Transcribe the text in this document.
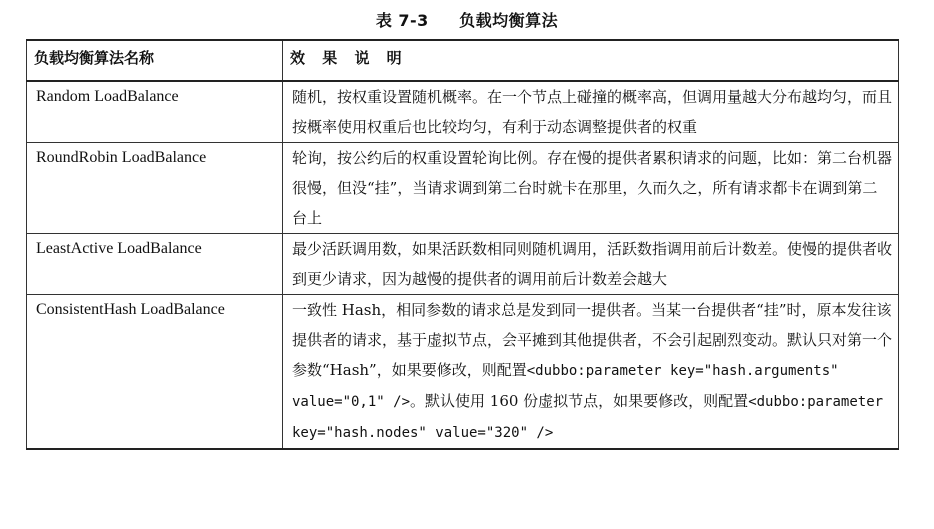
表 7-3 负载均衡算法
负载均衡算法名称	效 果 说 明
Random LoadBalance	随机，按权重设置随机概率。在一个节点上碰撞的概率高，但调用量越大分布越均匀，而且按概率使用权重后也比较均匀，有利于动态调整提供者的权重
RoundRobin LoadBalance	轮询，按公约后的权重设置轮询比例。存在慢的提供者累积请求的问题，比如：第二台机器很慢，但没“挂”，当请求调到第二台时就卡在那里，久而久之，所有请求都卡在调到第二台上
LeastActive LoadBalance	最少活跃调用数，如果活跃数相同则随机调用，活跃数指调用前后计数差。使慢的提供者收到更少请求，因为越慢的提供者的调用前后计数差会越大
ConsistentHash LoadBalance	一致性 Hash，相同参数的请求总是发到同一提供者。当某一台提供者“挂”时，原本发往该提供者的请求，基于虚拟节点，会平摊到其他提供者，不会引起剧烈变动。默认只对第一个参数“Hash”，如果要修改，则配置<dubbo:parameter key="hash.arguments" value="0,1" />。默认使用 160 份虚拟节点，如果要修改，则配置<dubbo:parameter key="hash.nodes" value="320" />
